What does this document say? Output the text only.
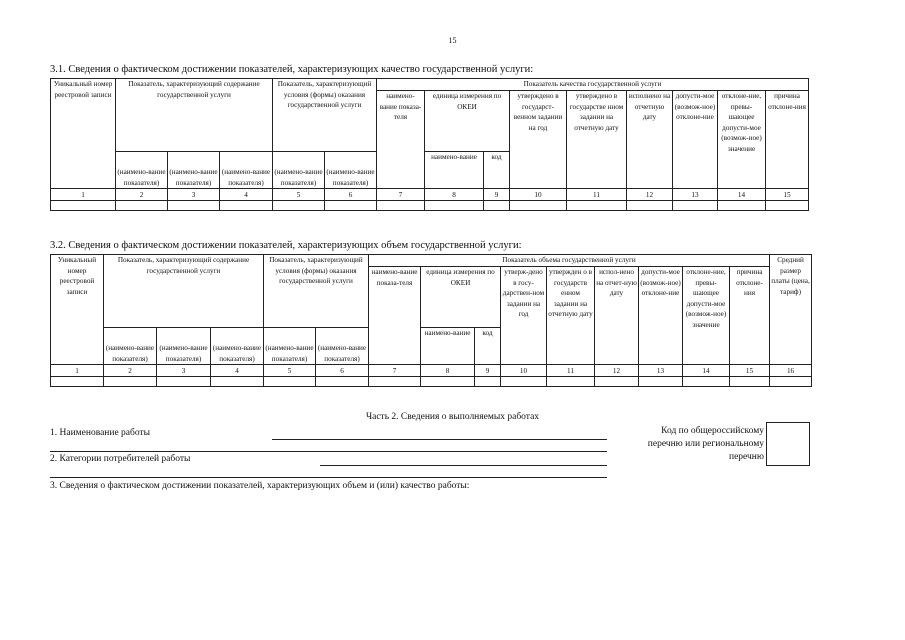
15
3.1. Сведения о фактическом достижении показателей, характеризующих качество государственной услуги:
Уникальный номер реестровой записи	Показатель, характеризующий содержание государственной услуги			Показатель, характеризующий условия (формы) оказания государственной услуги		Показатель качества государственной услуги								
						наимено-вание показа-теля	единица измерения по ОКЕИ		утверждено в государст-венном задании на год	утверждено в государстве нном задании на отчетную дату	исполнено на отчетную дату	допусти-мое (возмож-ное) отклоне-ние	отклоне-ние, превы-шающее допусти-мое (возмож-ное) значение	причина отклоне-ния
							наимено-вание	код						
	(наимено-вание показателя)	(наимено-вание показателя)	(наимено-вание показателя)	(наимено-вание показателя)	(наимено-вание показателя)									
1	2	3	4	5	6	7	8	9	10	11	12	13	14	15

3.2. Сведения о фактическом достижении показателей, характеризующих объем государственной услуги:
Уникальный номер реестровой записи	Показатель, характеризующий содержание государственной услуги			Показатель, характеризующий условия (формы) оказания государственной услуги		Показатель объема государственной услуги									Средний размер платы (цена, тариф)
						наимено-вание показа-теля	единица измерения по ОКЕИ		утверж-дено в госу-дарствен-ном задании на год	утвержден о в государств енном задании на отчетную дату	испол-нено на отчет-ную дату	допусти-мое (возмож-ное) отклоне-ние	отклоне-ние, превы-шающее допусти-мое (возмож-ное) значение	причина отклоне-ния	
							наимено-вание	код							
	(наимено-вание показателя)	(наимено-вание показателя)	(наимено-вание показателя)	(наимено-вание показателя)	(наимено-вание показателя)										
1	2	3	4	5	6	7	8	9	10	11	12	13	14	15	16

Часть 2. Сведения о выполняемых работах
1. Наименование работы
2. Категории потребителей работы
3. Сведения о фактическом достижении показателей, характеризующих объем и (или) качество работы:
Код по общероссийскому перечню или региональному перечню
